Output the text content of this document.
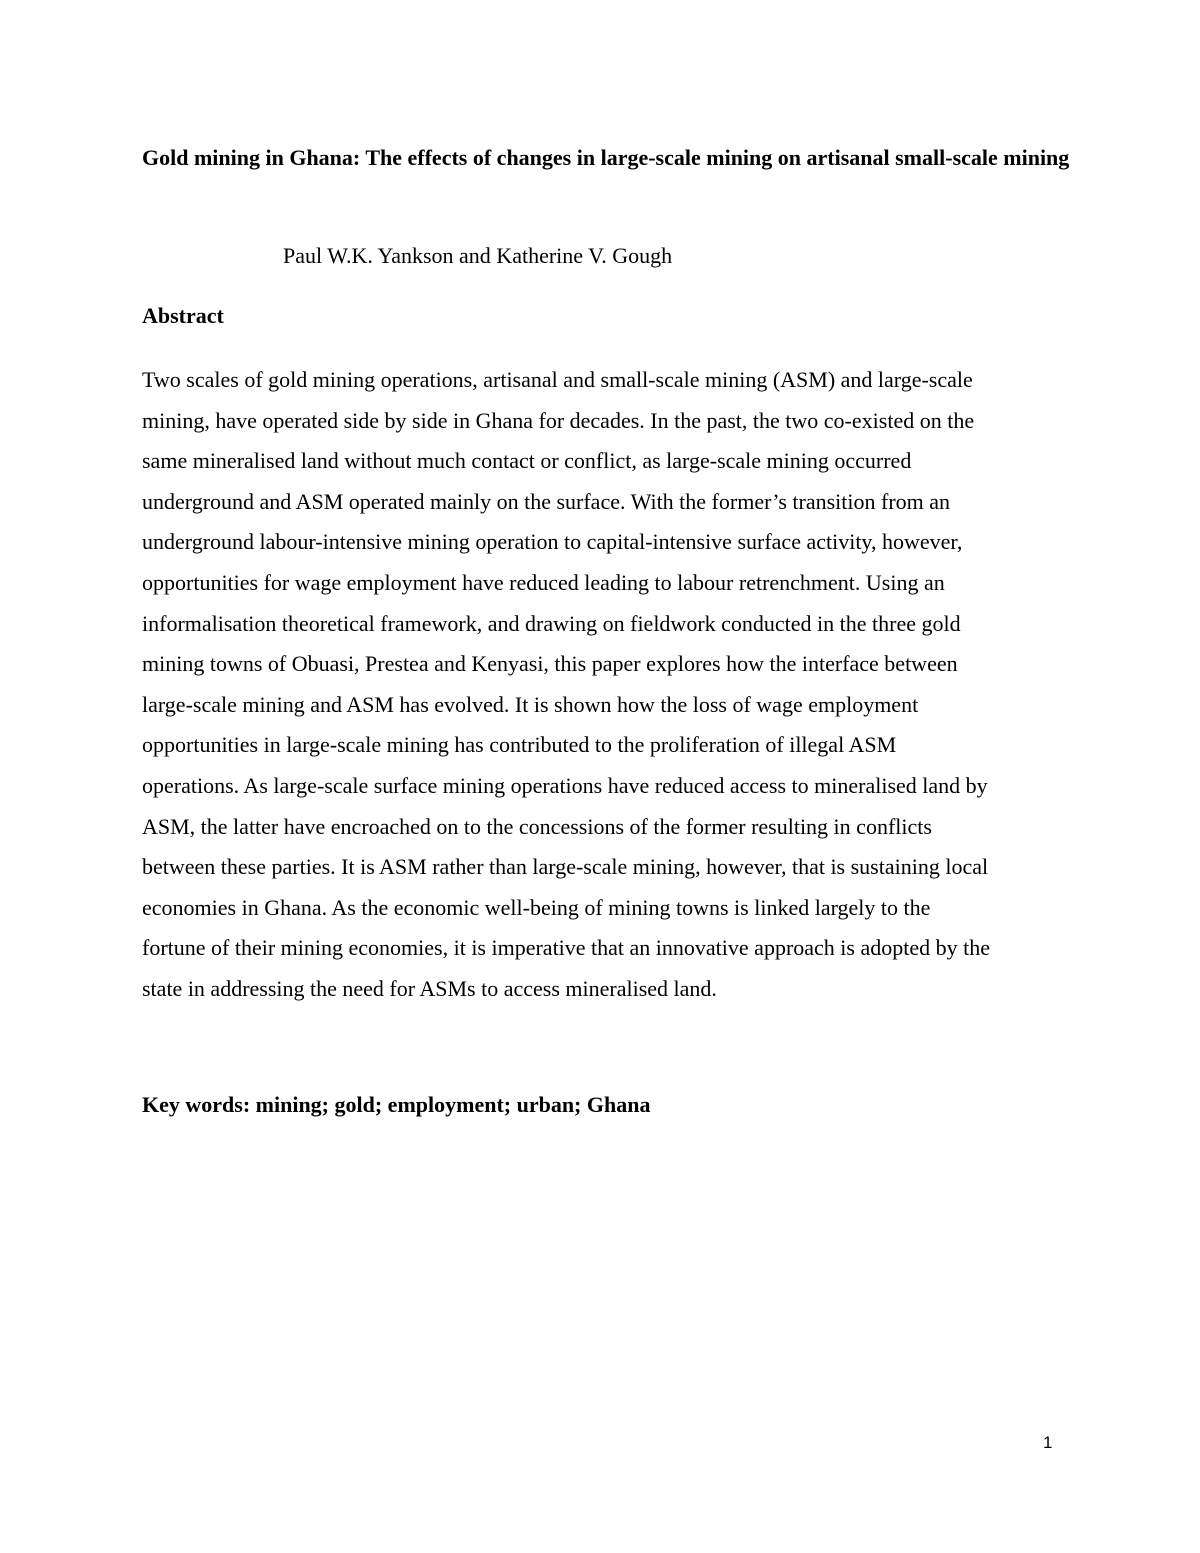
Gold mining in Ghana: The effects of changes in large-scale mining on artisanal small-scale mining

Paul W.K. Yankson and Katherine V. Gough

Abstract

Two scales of gold mining operations, artisanal and small-scale mining (ASM) and large-scale
mining, have operated side by side in Ghana for decades. In the past, the two co-existed on the
same mineralised land without much contact or conflict, as large-scale mining occurred
underground and ASM operated mainly on the surface. With the former’s transition from an
underground labour-intensive mining operation to capital-intensive surface activity, however,
opportunities for wage employment have reduced leading to labour retrenchment. Using an
informalisation theoretical framework, and drawing on fieldwork conducted in the three gold
mining towns of Obuasi, Prestea and Kenyasi, this paper explores how the interface between
large-scale mining and ASM has evolved. It is shown how the loss of wage employment
opportunities in large-scale mining has contributed to the proliferation of illegal ASM
operations. As large-scale surface mining operations have reduced access to mineralised land by
ASM, the latter have encroached on to the concessions of the former resulting in conflicts
between these parties. It is ASM rather than large-scale mining, however, that is sustaining local
economies in Ghana. As the economic well-being of mining towns is linked largely to the
fortune of their mining economies, it is imperative that an innovative approach is adopted by the
state in addressing the need for ASMs to access mineralised land.

Key words: mining; gold; employment; urban; Ghana

1
